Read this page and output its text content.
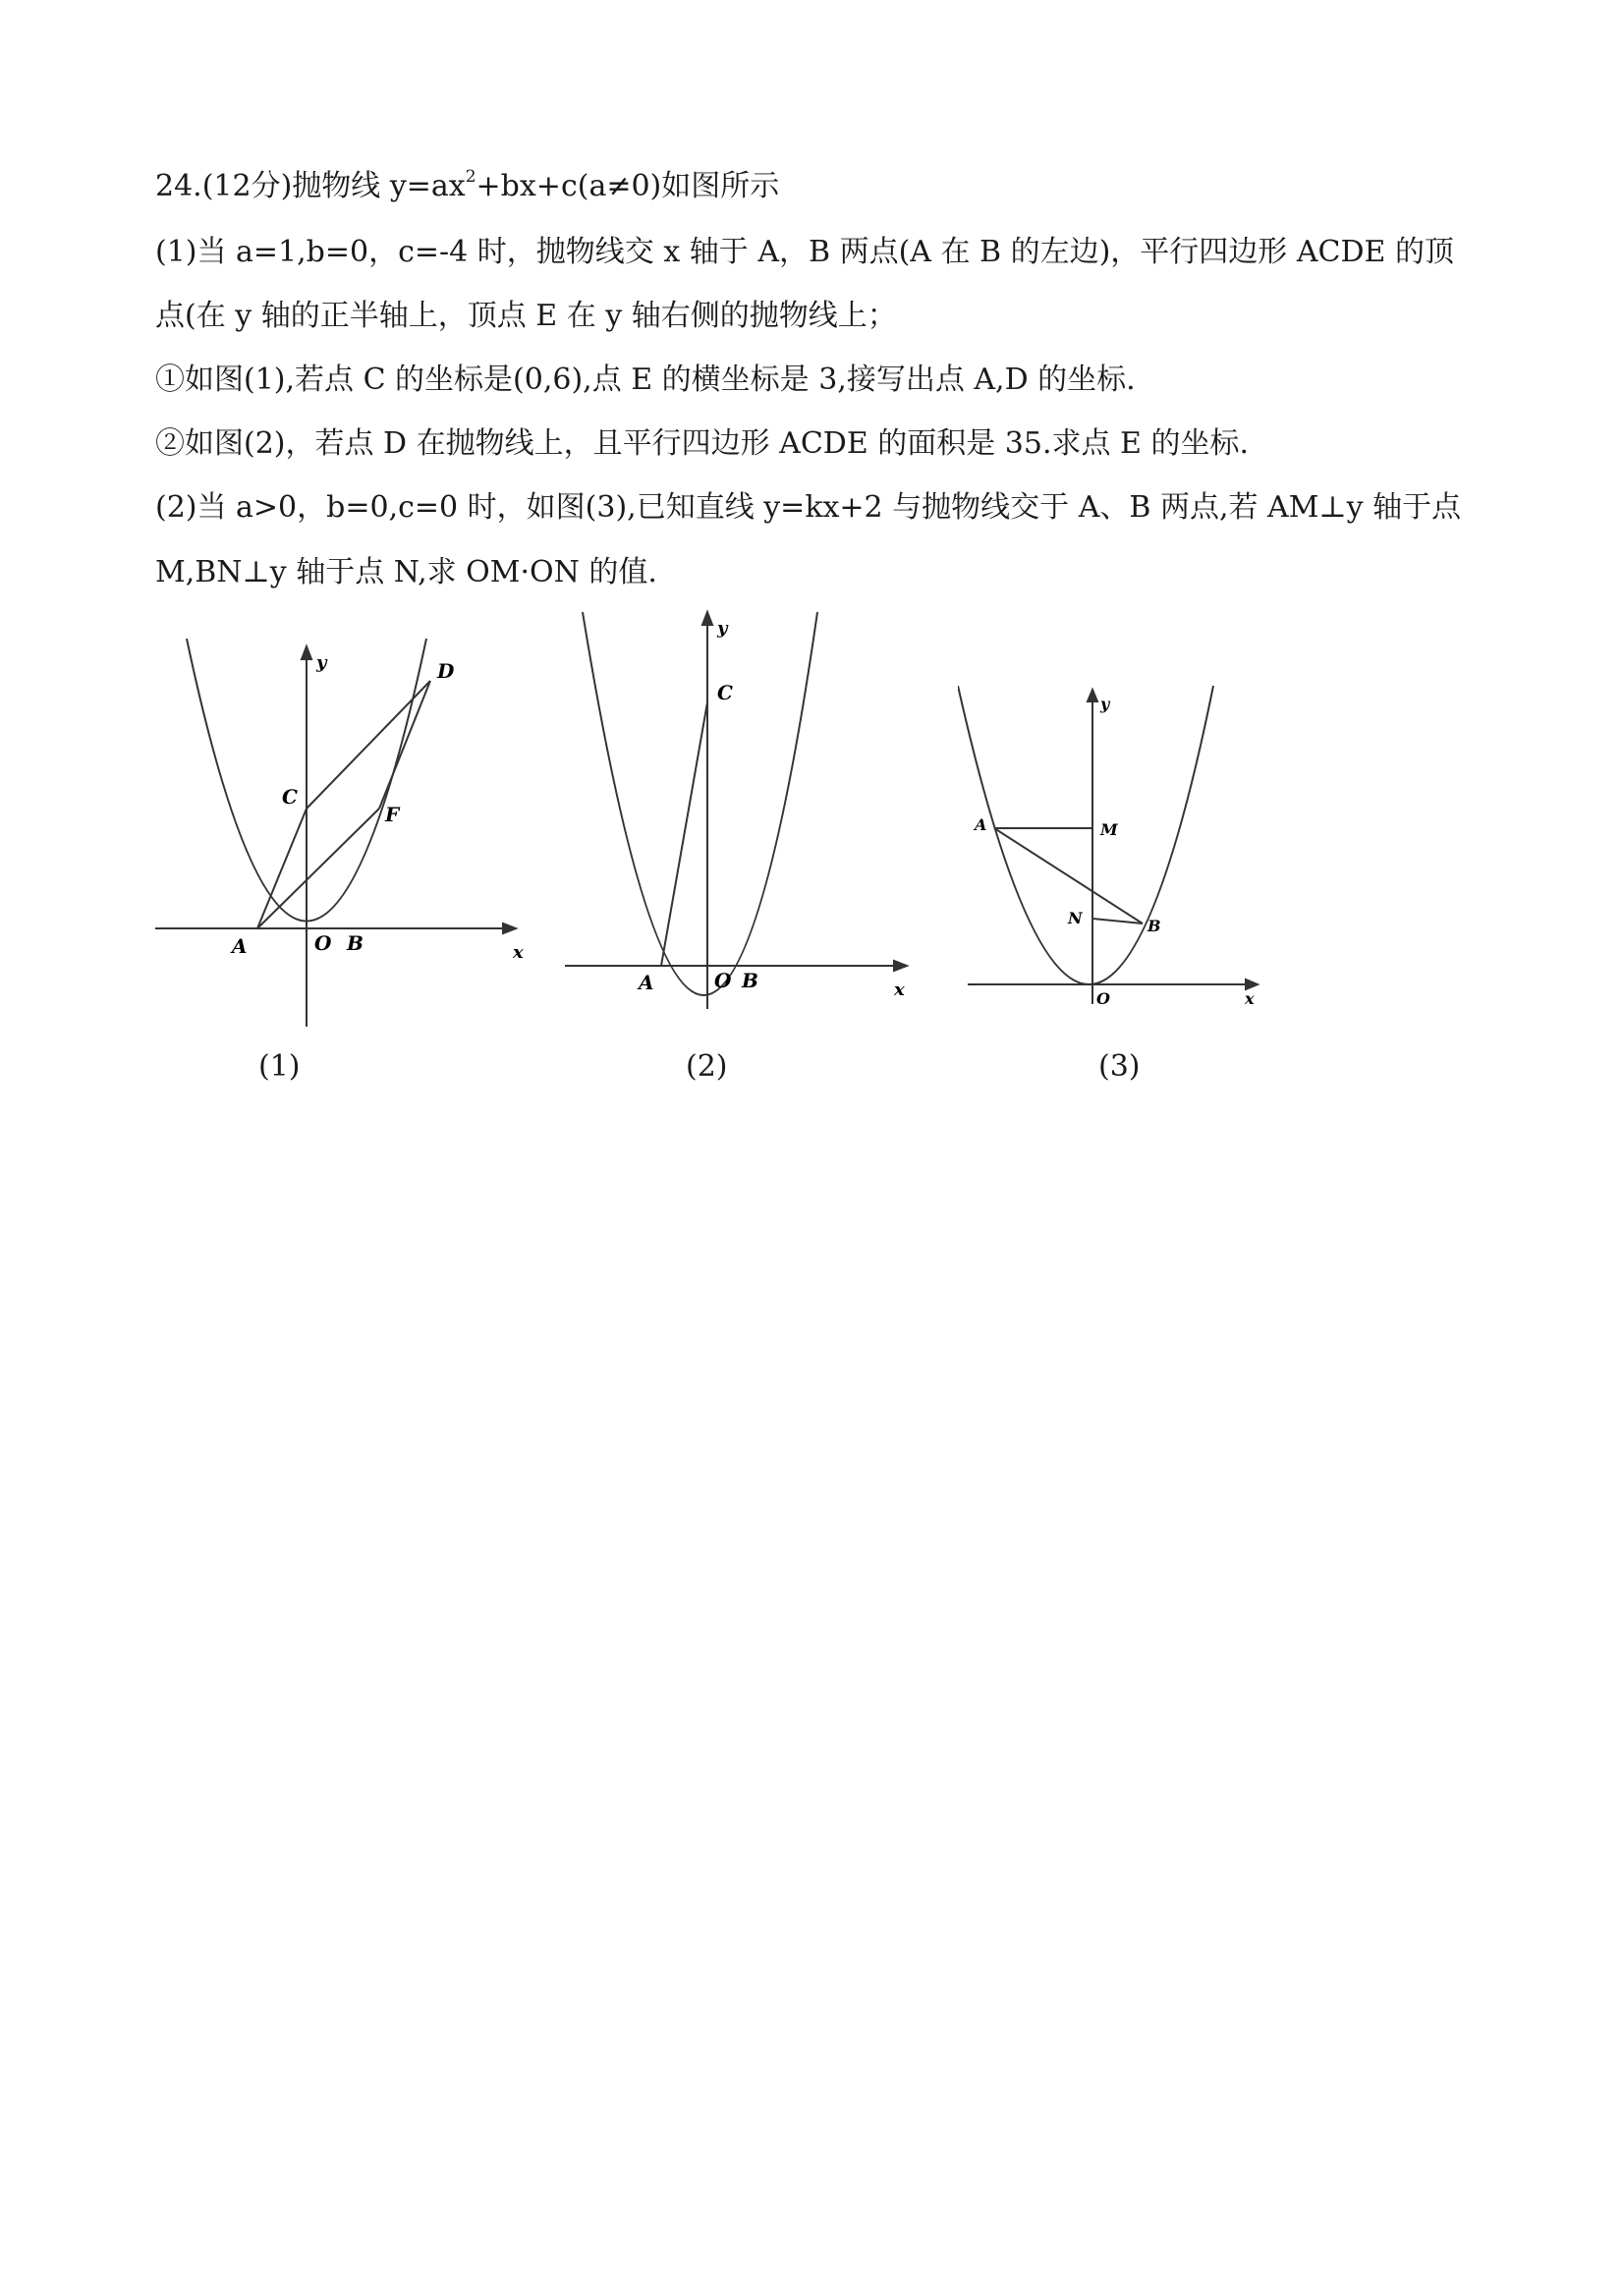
24.(12分)抛物线 $y=ax^2+bx+c(a\ne 0)$如图所示
(1)当 a=1,b=0，c=-4 时，抛物线交 x 轴于 A，B 两点(A 在 B 的左边)，平行四边形 ACDE 的顶
点(在 y 轴的正半轴上，顶点 E 在 y 轴右侧的抛物线上；
①如图(1),若点 C 的坐标是(0,6),点 E 的横坐标是 3,接写出点 A,D 的坐标.
②如图(2)，若点 D 在抛物线上，且平行四边形 ACDE 的面积是 35.求点 E 的坐标.
(2)当 a>0，b=0,c=0 时，如图(3),已知直线 y=kx+2 与抛物线交于 A、B 两点,若 AM⊥y 轴于点
M,BN⊥y 轴于点 N,求 OM·ON 的值.
x
y
A	O B
C
F
D
(1)
x
y
A	O B
C
(2)
x
y
A	M
N	B
O
(3)
